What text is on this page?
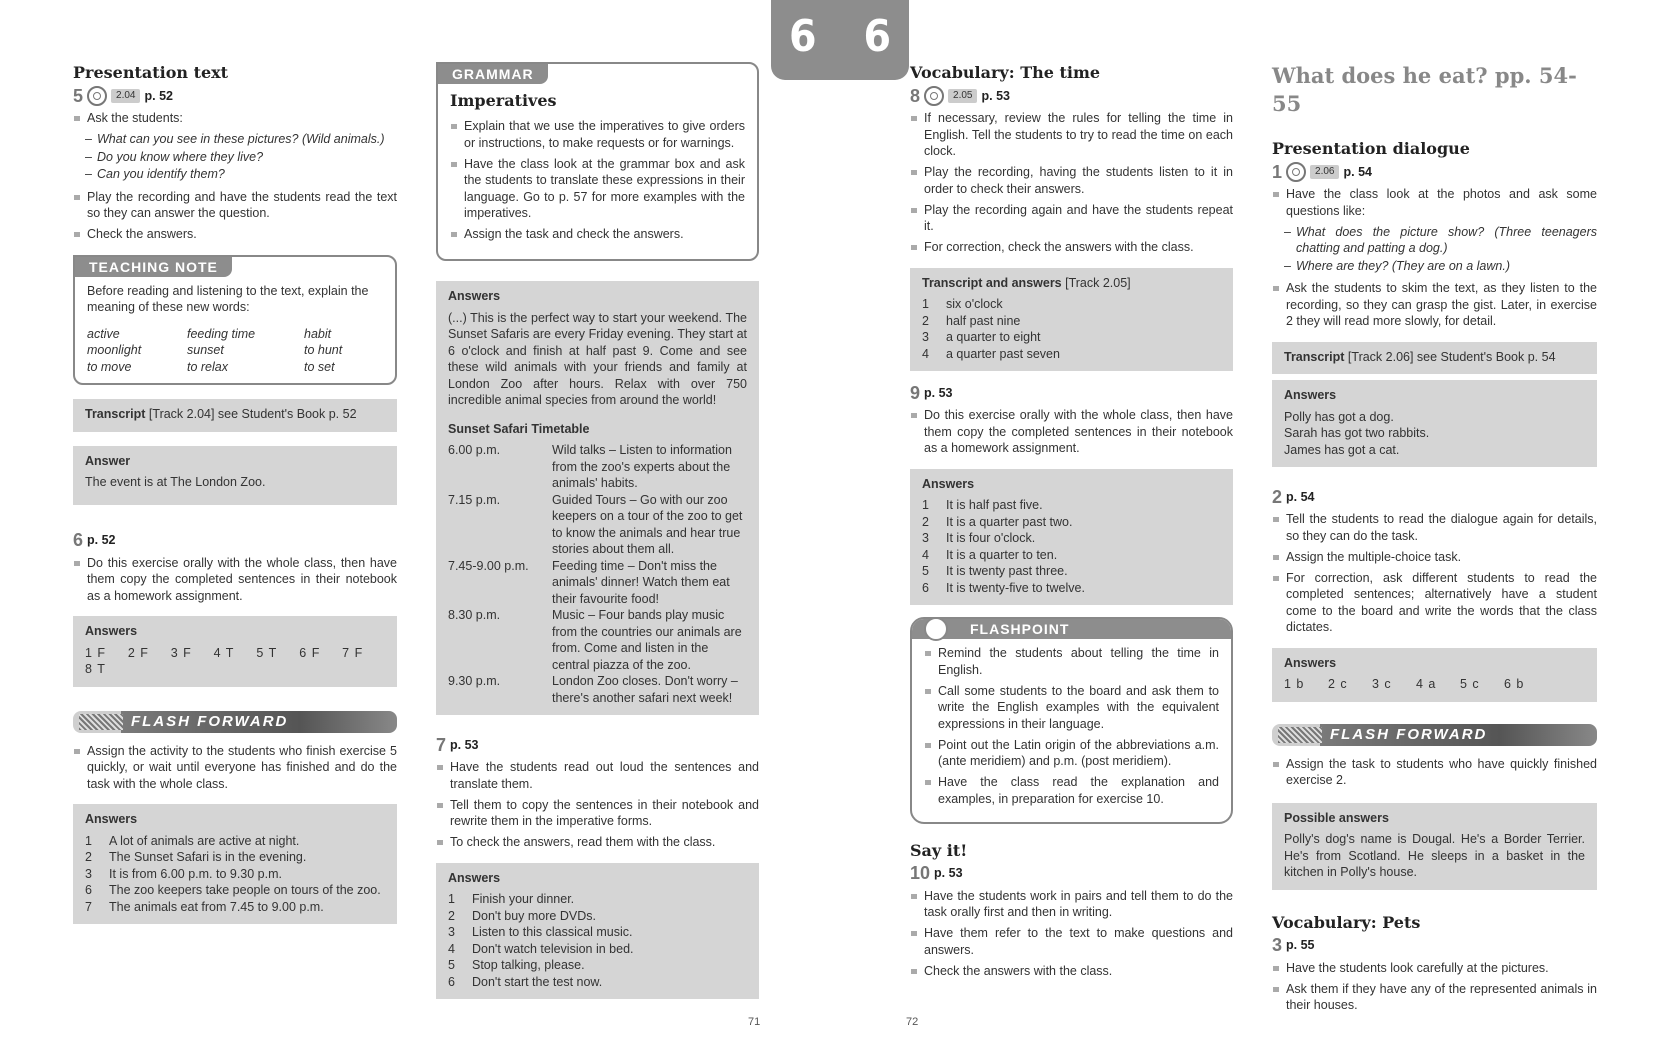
6 6
Presentation text
5	2.04 p. 52
Ask the students:
– What can you see in these pictures? (Wild animals.)
– Do you know where they live?
– Can you identify them?
Play the recording and have the students read the text so they can answer the question.
Check the answers.
TEACHING NOTE
Before reading and listening to the text, explain the meaning of these new words:
active	feeding time	habit
moonlight	sunset	to hunt
to move	to relax	to set
Transcript [Track 2.04] see Student's Book p. 52
Answer
The event is at The London Zoo.
6 p. 52
Do this exercise orally with the whole class, then have them copy the completed sentences in their notebook as a homework assignment.
Answers
1 F	2 F	3 F	4 T	5 T	6 F	7 F
8 T
FLASH FORWARD
Assign the activity to the students who finish exercise 5 quickly, or wait until everyone has finished and do the task with the whole class.
Answers
1	A lot of animals are active at night.
2	The Sunset Safari is in the evening.
3	It is from 6.00 p.m. to 9.30 p.m.
6	The zoo keepers take people on tours of the zoo.
7	The animals eat from 7.45 to 9.00 p.m.
GRAMMAR
Imperatives
Explain that we use the imperatives to give orders or instructions, to make requests or for warnings.
Have the class look at the grammar box and ask the students to translate these expressions in their language. Go to p. 57 for more examples with the imperatives.
Assign the task and check the answers.
Answers
(...) This is the perfect way to start your weekend. The Sunset Safaris are every Friday evening. They start at 6 o'clock and finish at half past 9. Come and see these wild animals with your friends and family at London Zoo after hours. Relax with over 750 incredible animal species from around the world!
Sunset Safari Timetable
6.00 p.m.	Wild talks – Listen to information from the zoo's experts about the animals' habits.
7.15 p.m.	Guided Tours – Go with our zoo keepers on a tour of the zoo to get to know the animals and hear true stories about them all.
7.45-9.00 p.m.	Feeding time – Don't miss the animals' dinner! Watch them eat their favourite food!
8.30 p.m.	Music – Four bands play music from the countries our animals are from. Come and listen in the central piazza of the zoo.
9.30 p.m.	London Zoo closes. Don't worry – there's another safari next week!
7 p. 53
Have the students read out loud the sentences and translate them.
Tell them to copy the sentences in their notebook and rewrite them in the imperative forms.
To check the answers, read them with the class.
Answers
1	Finish your dinner.
2	Don't buy more DVDs.
3	Listen to this classical music.
4	Don't watch television in bed.
5	Stop talking, please.
6	Don't start the test now.
Vocabulary: The time
8	2.05 p. 53
If necessary, review the rules for telling the time in English. Tell the students to try to read the time on each clock.
Play the recording, having the students listen to it in order to check their answers.
Play the recording again and have the students repeat it.
For correction, check the answers with the class.
Transcript and answers [Track 2.05]
1	six o'clock
2	half past nine
3	a quarter to eight
4	a quarter past seven
9 p. 53
Do this exercise orally with the whole class, then have them copy the completed sentences in their notebook as a homework assignment.
Answers
1	It is half past five.
2	It is a quarter past two.
3	It is four o'clock.
4	It is a quarter to ten.
5	It is twenty past three.
6	It is twenty-five to twelve.
FLASHPOINT
Remind the students about telling the time in English.
Call some students to the board and ask them to write the English examples with the equivalent expressions in their language.
Point out the Latin origin of the abbreviations a.m. (ante meridiem) and p.m. (post meridiem).
Have the class read the explanation and examples, in preparation for exercise 10.
Say it!
10 p. 53
Have the students work in pairs and tell them to do the task orally first and then in writing.
Have them refer to the text to make questions and answers.
Check the answers with the class.
What does he eat? pp. 54-55
Presentation dialogue
1	2.06 p. 54
Have the class look at the photos and ask some questions like:
– What does the picture show? (Three teenagers chatting and patting a dog.)
– Where are they? (They are on a lawn.)
Ask the students to skim the text, as they listen to the recording, so they can grasp the gist. Later, in exercise 2 they will read more slowly, for detail.
Transcript [Track 2.06] see Student's Book p. 54
Answers
Polly has got a dog.
Sarah has got two rabbits.
James has got a cat.
2 p. 54
Tell the students to read the dialogue again for details, so they can do the task.
Assign the multiple-choice task.
For correction, ask different students to read the completed sentences; alternatively have a student come to the board and write the words that the class dictates.
Answers
1 b	2 c	3 c	4 a	5 c	6 b
FLASH FORWARD
Assign the task to students who have quickly finished exercise 2.
Possible answers
Polly's dog's name is Dougal. He's a Border Terrier. He's from Scotland. He sleeps in a basket in the kitchen in Polly's house.
Vocabulary: Pets
3 p. 55
Have the students look carefully at the pictures.
Ask them if they have any of the represented animals in their houses.
71	72
